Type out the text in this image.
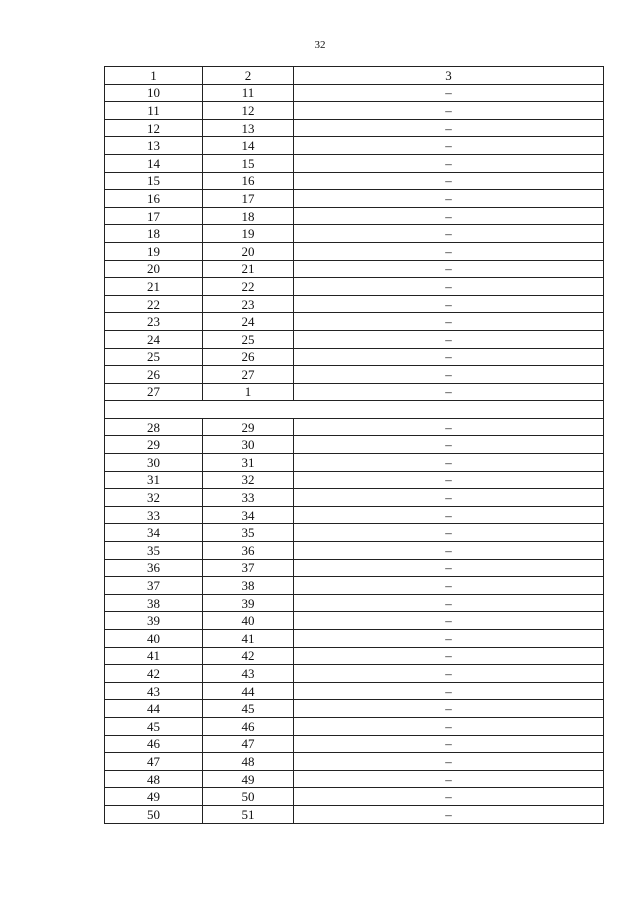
32
1	2	3
10	11	–
11	12	–
12	13	–
13	14	–
14	15	–
15	16	–
16	17	–
17	18	–
18	19	–
19	20	–
20	21	–
21	22	–
22	23	–
23	24	–
24	25	–
25	26	–
26	27	–
27	1	–

28	29	–
29	30	–
30	31	–
31	32	–
32	33	–
33	34	–
34	35	–
35	36	–
36	37	–
37	38	–
38	39	–
39	40	–
40	41	–
41	42	–
42	43	–
43	44	–
44	45	–
45	46	–
46	47	–
47	48	–
48	49	–
49	50	–
50	51	–
